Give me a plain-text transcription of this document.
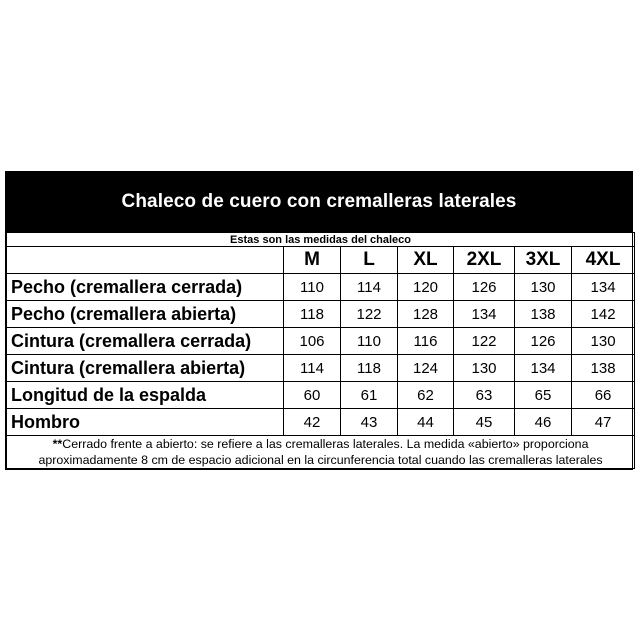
Chaleco de cuero con cremalleras laterales
Estas son las medidas del chaleco						
	M	L	XL	2XL	3XL	4XL
Pecho (cremallera cerrada)	110	114	120	126	130	134
Pecho (cremallera abierta)	118	122	128	134	138	142
Cintura (cremallera cerrada)	106	110	116	122	126	130
Cintura (cremallera abierta)	114	118	124	130	134	138
Longitud de la espalda	60	61	62	63	65	66
Hombro	42	43	44	45	46	47

**Cerrado frente a abierto: se refiere a las cremalleras laterales. La medida «abierto» proporciona
aproximadamente 8 cm de espacio adicional en la circunferencia total cuando las cremalleras laterales						
